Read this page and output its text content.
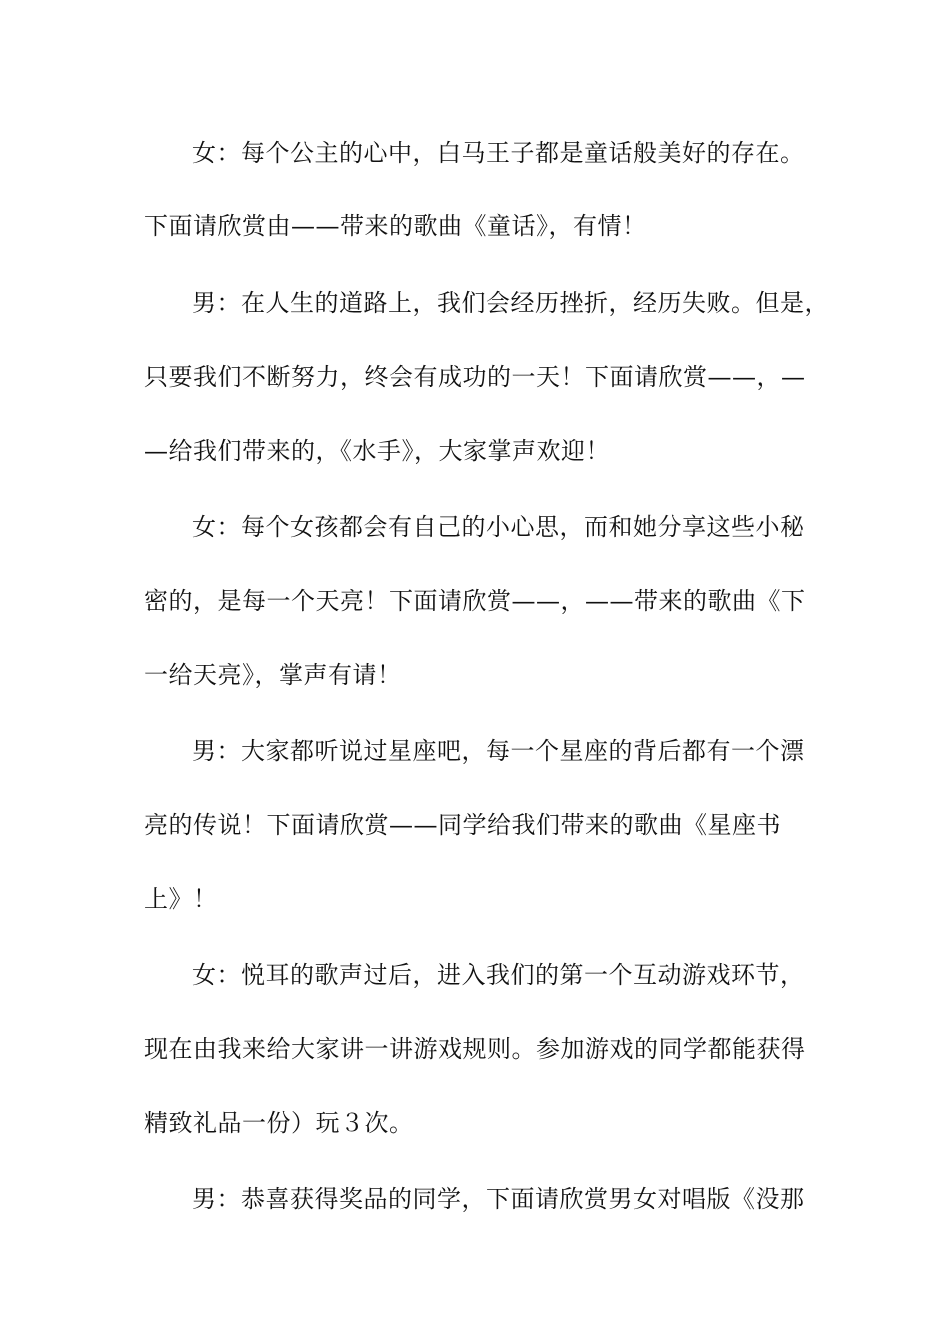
女：每个公主的心中，白马王子都是童话般美好的存在。
下面请欣赏由——带来的歌曲《童话》，有情！
男：在人生的道路上，我们会经历挫折，经历失败。但是，
只要我们不断努力，终会有成功的一天！下面请欣赏——，—
—给我们带来的，《水手》，大家掌声欢迎！
女：每个女孩都会有自己的小心思，而和她分享这些小秘
密的，是每一个天亮！下面请欣赏——，——带来的歌曲《下
一给天亮》，掌声有请！
男：大家都听说过星座吧，每一个星座的背后都有一个漂
亮的传说！下面请欣赏——同学给我们带来的歌曲《星座书
上》！
女：悦耳的歌声过后，进入我们的第一个互动游戏环节，
现在由我来给大家讲一讲游戏规则。参加游戏的同学都能获得
精致礼品一份）玩３次。
男：恭喜获得奖品的同学，下面请欣赏男女对唱版《没那
